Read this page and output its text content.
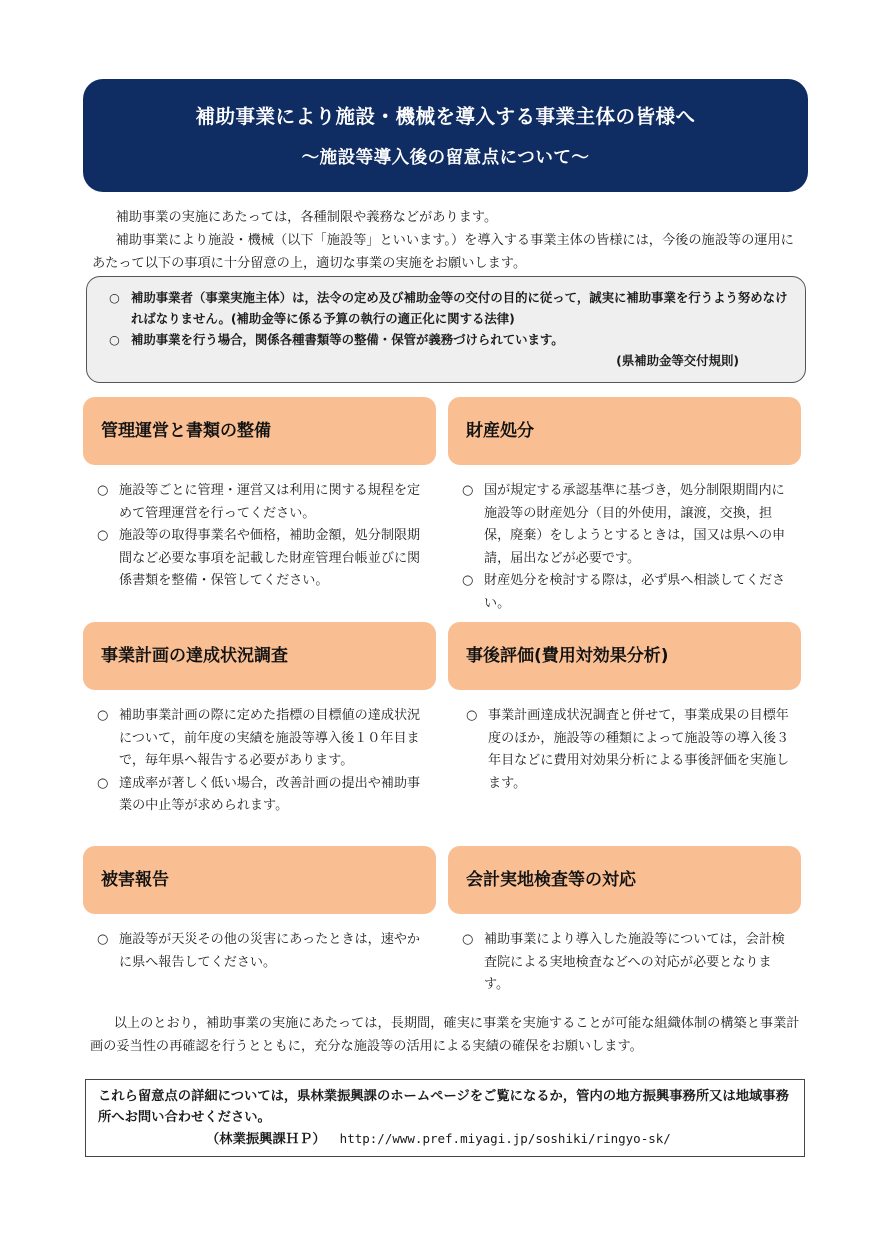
補助事業により施設・機械を導入する事業主体の皆様へ
～施設等導入後の留意点について～

補助事業の実施にあたっては，各種制限や義務などがあります。

補助事業により施設・機械（以下「施設等」といいます。）を導入する事業主体の皆様には，今後の施設等の運用にあたって以下の事項に十分留意の上，適切な事業の実施をお願いします。

○ 補助事業者（事業実施主体）は，法令の定め及び補助金等の交付の目的に従って，誠実に補助事業を行うよう努めなければなりません。(補助金等に係る予算の執行の適正化に関する法律)
○ 補助事業を行う場合，関係各種書類等の整備・保管が義務づけられています。
(県補助金等交付規則)
管理運営と書類の整備
○ 施設等ごとに管理・運営又は利用に関する規程を定めて管理運営を行ってください。
○ 施設等の取得事業名や価格，補助金額，処分制限期間など必要な事項を記載した財産管理台帳並びに関係書類を整備・保管してください。
財産処分
○ 国が規定する承認基準に基づき，処分制限期間内に施設等の財産処分（目的外使用，譲渡，交換，担保，廃棄）をしようとするときは，国又は県への申請，届出などが必要です。
○ 財産処分を検討する際は，必ず県へ相談してください。
事業計画の達成状況調査
○ 補助事業計画の際に定めた指標の目標値の達成状況について，前年度の実績を施設等導入後１０年目まで，毎年県へ報告する必要があります。
○ 達成率が著しく低い場合，改善計画の提出や補助事業の中止等が求められます。
事後評価(費用対効果分析)
○ 事業計画達成状況調査と併せて，事業成果の目標年度のほか，施設等の種類によって施設等の導入後３年目などに費用対効果分析による事後評価を実施します。
被害報告
○ 施設等が天災その他の災害にあったときは，速やかに県へ報告してください。
会計実地検査等の対応
○ 補助事業により導入した施設等については，会計検査院による実地検査などへの対応が必要となります。

以上のとおり，補助事業の実施にあたっては，長期間，確実に事業を実施することが可能な組織体制の構築と事業計画の妥当性の再確認を行うとともに，充分な施設等の活用による実績の確保をお願いします。

これら留意点の詳細については，県林業振興課のホームページをご覧になるか，管内の地方振興事務所又は地域事務所へお問い合わせください。
（林業振興課ＨＰ） http://www.pref.miyagi.jp/soshiki/ringyo-sk/
